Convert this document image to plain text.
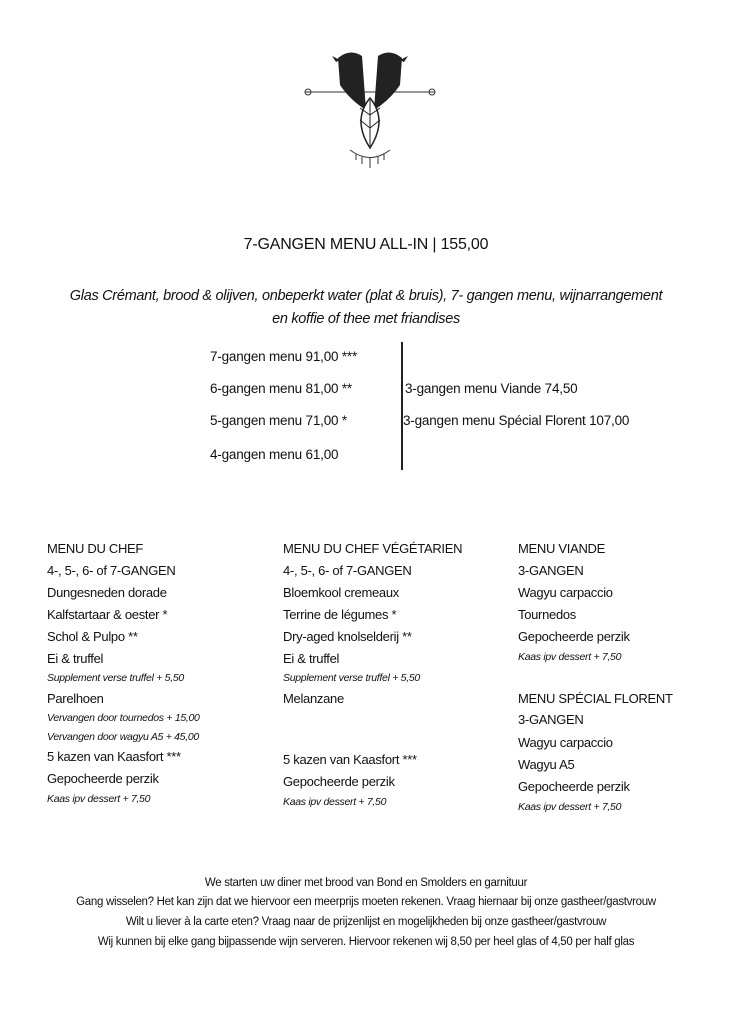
7-GANGEN MENU ALL-IN | 155,00
Glas Crémant, brood & olijven, onbeperkt water (plat & bruis), 7- gangen menu, wijnarrangement
en koffie of thee met friandises
7-gangen menu 91,00 ***
6-gangen menu 81,00 **
5-gangen menu 71,00 *
4-gangen menu 61,00
3-gangen menu Viande 74,50
3-gangen menu Spécial Florent 107,00
MENU DU CHEF
4-, 5-, 6- of 7-GANGEN
Dungesneden dorade
Kalfstartaar & oester *
Schol & Pulpo **
Ei & truffel
Supplement verse truffel + 5,50
Parelhoen
Vervangen door tournedos + 15,00
Vervangen door wagyu A5 + 45,00
5 kazen van Kaasfort ***
Gepocheerde perzik
Kaas ipv dessert + 7,50
MENU DU CHEF VÉGÉTARIEN
4-, 5-, 6- of 7-GANGEN
Bloemkool cremeaux
Terrine de légumes *
Dry-aged knolselderij **
Ei & truffel
Supplement verse truffel + 5,50
Melanzane
5 kazen van Kaasfort ***
Gepocheerde perzik
Kaas ipv dessert + 7,50
MENU VIANDE
3-GANGEN
Wagyu carpaccio
Tournedos
Gepocheerde perzik
Kaas ipv dessert + 7,50
MENU SPÉCIAL FLORENT
3-GANGEN
Wagyu carpaccio
Wagyu A5
Gepocheerde perzik
Kaas ipv dessert + 7,50
We starten uw diner met brood van Bond en Smolders en garnituur
Gang wisselen? Het kan zijn dat we hiervoor een meerprijs moeten rekenen. Vraag hiernaar bij onze gastheer/gastvrouw
Wilt u liever à la carte eten? Vraag naar de prijzenlijst en mogelijkheden bij onze gastheer/gastvrouw
Wij kunnen bij elke gang bijpassende wijn serveren. Hiervoor rekenen wij 8,50 per heel glas of 4,50 per half glas
